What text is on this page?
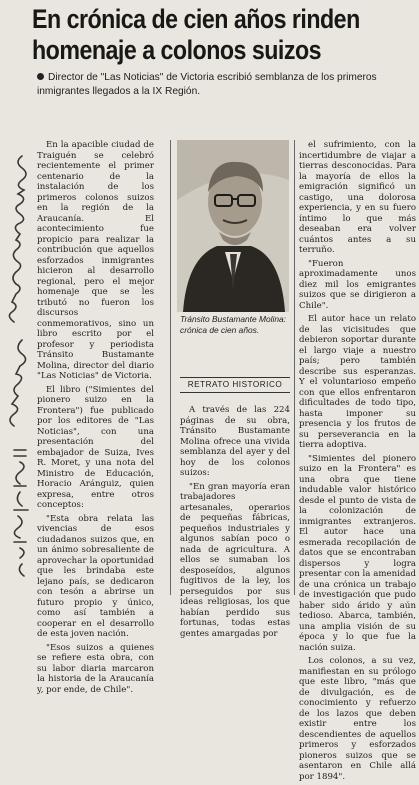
En crónica de cien años rinden homenaje a colonos suizos
Director de "Las Noticias" de Victoria escribió semblanza de los primeros inmigrantes llegados a la IX Región.

En la apacible ciudad de Traiguén se celebró recientemente el primer centenario de la instalación de los primeros colonos suizos en la región de la Araucanía. El acontecimiento fue propicio para realizar la contribución que aquellos esforzados inmigrantes hicieron al desarrollo regional, pero el mejor homenaje que se les tributó no fueron los discursos conmemorativos, sino un libro escrito por el profesor y periodista Tránsito Bustamante Molina, director del diario "Las Noticias" de Victoria.

El libro ("Simientes del pionero suizo en la Frontera") fue publicado por los editores de "Las Noticias", con una presentación del embajador de Suiza, Ives R. Moret, y una nota del Ministro de Educación, Horacio Aránguiz, quien expresa, entre otros conceptos:

"Esta obra relata las vivencias de esos ciudadanos suizos que, en un ánimo sobresaliente de aprovechar la oportunidad que les brindaba este lejano país, se dedicaron con tesón a abrirse un futuro propio y único, como así también a cooperar en el desarrollo de esta joven nación.

"Esos suizos a quienes se refiere esta obra, con su labor diaria marcaron la historia de la Araucanía y, por ende, de Chile".

Tránsito Bustamante Molina: crónica de cien años.
RETRATO HISTORICO

A través de las 224 páginas de su obra, Tránsito Bustamante Molina ofrece una vivida semblanza del ayer y del hoy de los colonos suizos:

"En gran mayoría eran trabajadores artesanales, operarios de pequeñas fábricas, pequeños industriales y algunos sabían poco o nada de agricultura. A ellos se sumaban los desposeídos, algunos fugitivos de la ley, los perseguidos por sus ideas religiosas, los que habían perdido sus fortunas, todas estas gentes amargadas por

el sufrimiento, con la incertidumbre de viajar a tierras desconocidas. Para la mayoría de ellos la emigración significó un castigo, una dolorosa experiencia, y en su fuero íntimo lo que más deseaban era volver cuántos antes a su terruño.

"Fueron aproximadamente unos diez mil los emigrantes suizos que se dirigieron a Chile".

El autor hace un relato de las vicisitudes que debieron soportar durante el largo viaje a nuestro país; pero también describe sus esperanzas. Y el voluntarioso empeño con que ellos enfrentaron dificultades de todo tipo, hasta imponer su presencia y los frutos de su perseverancia en la tierra adoptiva.

"Simientes del pionero suizo en la Frontera" es una obra que tiene indudable valor histórico desde el punto de vista de la colonización de inmigrantes extranjeros. El autor hace una esmerada recopilación de datos que se encontraban dispersos y logra presentar con la amenidad de una crónica un trabajo de investigación que pudo haber sido árido y aún tedioso. Abarca, también, una amplia visión de su época y lo que fue la nación suiza.

Los colonos, a su vez, manifiestan en su prólogo que este libro, "más que de divulgación, es de conocimiento y refuerzo de los lazos que deben existir entre los descendientes de aquellos primeros y esforzados pioneros suizos que se asentaron en Chile allá por 1894".
